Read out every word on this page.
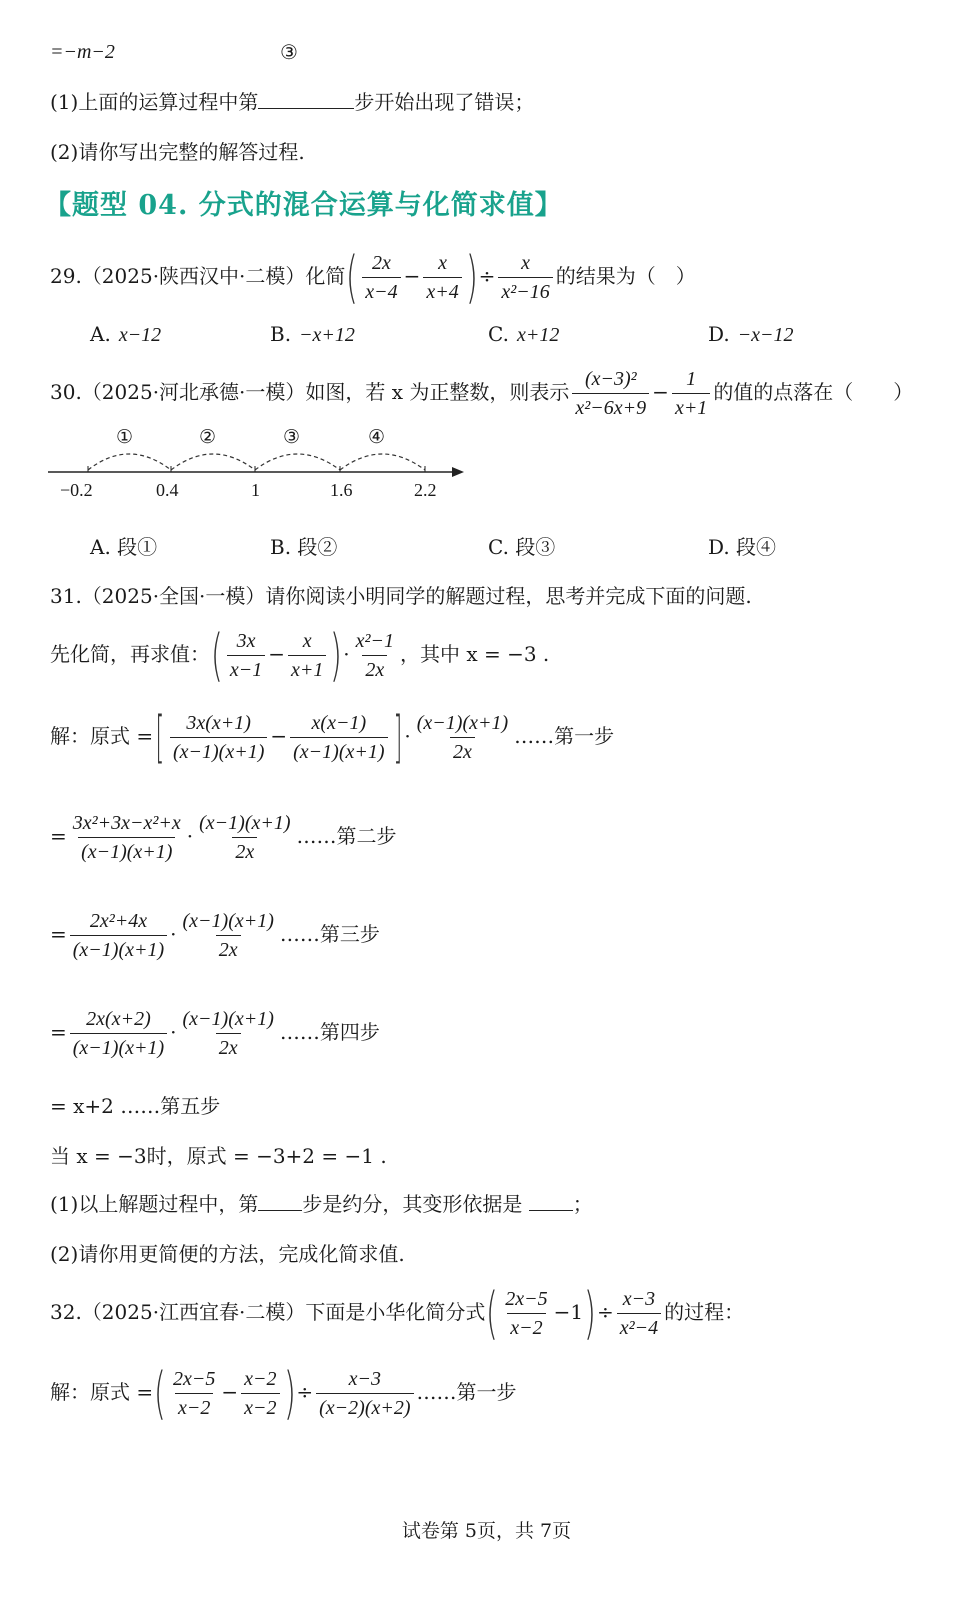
=−m−2	③
(1)上面的运算过程中第	步开始出现了错误；
(2)请你写出完整的解答过程.
【题型 04. 分式的混合运算与化简求值】
29.（2025·陕西汉中·二模）化简( $\frac{2x}{x-4} - \frac{x}{x+4}$ )÷ $\frac{x}{\text{x²−16}}$ 的结果为（　）
A. x−12	B. −x+12	C. x+12	D. −x−12
30.（2025·河北承德·一模）如图，若 x 为正整数，则表示 $\frac{\text{(x−3)²}}{\text{x²−6x+9}} - \frac{1}{x+1}$ 的值的点落在（　　）
①	②	③	④
−0.2	0.4	1	1.6	2.2
A. 段①	B. 段②	C. 段③	D. 段④
31.（2025·全国·一模）请你阅读小明同学的解题过程，思考并完成下面的问题.
先化简，再求值：( $\frac{3x}{x-1} - \frac{x}{x+1}$ )· $\frac{\text{x²−1}}{2x}$ ，其中 x = −3 .
解：原式 =[ $\frac{3x(x+1)}{(x-1)(x+1)} - \frac{x(x-1)}{(x-1)(x+1)}$ ] · $\frac{(x-1)(x+1)}{2x}$ ……第一步
= $\frac{\text{3x²+3x−x²+x}}{(x-1)(x+1)} \cdot \frac{(x-1)(x+1)}{2x}$ ……第二步
= $\frac{\text{2x²+4x}}{(x-1)(x+1)} \cdot \frac{(x-1)(x+1)}{2x}$ ……第三步
= $\frac{2x(x+2)}{(x-1)(x+1)} \cdot \frac{(x-1)(x+1)}{2x}$ ……第四步
= x+2 ……第五步
当 x = −3时，原式 = −3+2 = −1 .
(1)以上解题过程中，第 步是约分，其变形依据是	；
(2)请你用更简便的方法，完成化简求值.
32.（2025·江西宜春·二模）下面是小华化简分式( $\frac{2x-5}{x-2} -1)\div \frac{x-3}{\text{x²−4}}$ 的过程：
解：原式 =( $\frac{2x-5}{x-2} - \frac{x-2}{x-2}$ )÷ $\frac{x-3}{(x-2)(x+2)}$ ……第一步
试卷第 5页，共 7页
